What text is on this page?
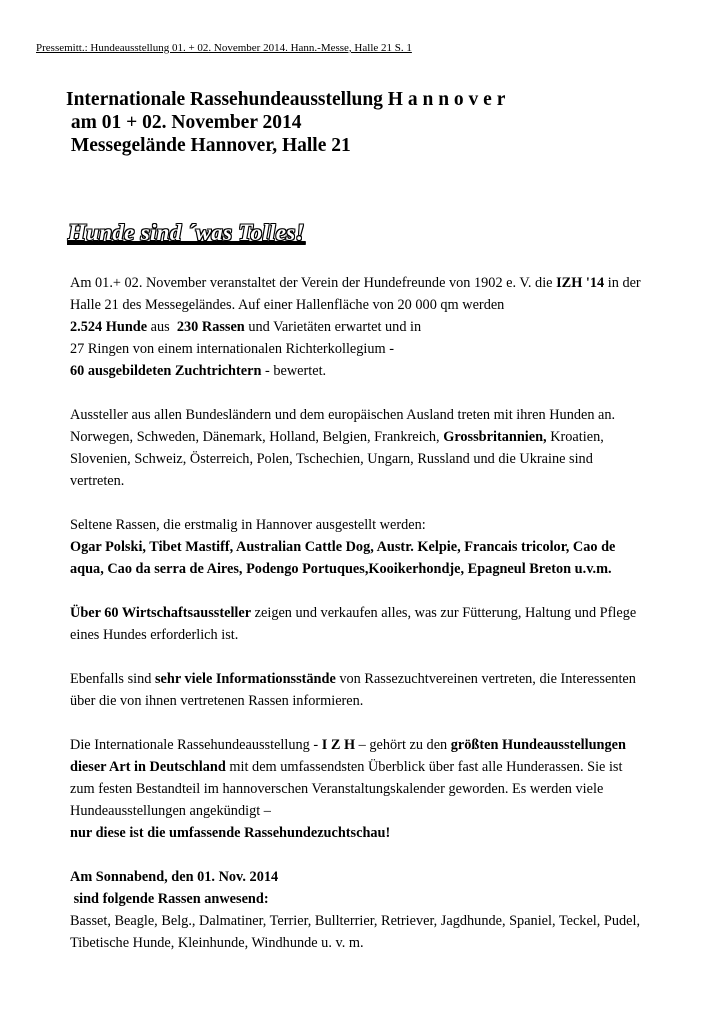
Pressemitt.: Hundeausstellung 01. + 02. November 2014. Hann.-Messe, Halle 21 S. 1
Internationale Rassehundeausstellung H a n n o v e r
am 01 + 02. November 2014
Messegelände Hannover, Halle 21
Hunde sind ´was Tolles!

Am 01.+ 02. November veranstaltet der Verein der Hundefreunde von 1902 e. V. die IZH '14 in der Halle 21 des Messegeländes. Auf einer Hallenfläche von 20 000 qm werden
2.524 Hunde aus  230 Rassen und Varietäten erwartet und in
27 Ringen von einem internationalen Richterkollegium -
60 ausgebildeten Zuchtrichtern - bewertet.

Aussteller aus allen Bundesländern und dem europäischen Ausland treten mit ihren Hunden an. Norwegen, Schweden, Dänemark, Holland, Belgien, Frankreich, Grossbritannien, Kroatien, Slovenien, Schweiz, Österreich, Polen, Tschechien, Ungarn, Russland und die Ukraine sind vertreten.

Seltene Rassen, die erstmalig in Hannover ausgestellt werden:
Ogar Polski, Tibet Mastiff, Australian Cattle Dog, Austr. Kelpie, Francais tricolor, Cao de aqua, Cao da serra de Aires, Podengo Portuques,Kooikerhondje, Epagneul Breton u.v.m.

Über 60 Wirtschaftsaussteller zeigen und verkaufen alles, was zur Fütterung, Haltung und Pflege eines Hundes erforderlich ist.

Ebenfalls sind sehr viele Informationsstände von Rassezuchtvereinen vertreten, die Interessenten über die von ihnen vertretenen Rassen informieren.

Die Internationale Rassehundeausstellung - I Z H – gehört zu den größten Hundeausstellungen dieser Art in Deutschland mit dem umfassendsten Überblick über fast alle Hunderassen. Sie ist zum festen Bestandteil im hannoverschen Veranstaltungskalender geworden. Es werden viele Hundeausstellungen angekündigt –
nur diese ist die umfassende Rassehundezuchtschau!

Am Sonnabend, den 01. Nov. 2014
sind folgende Rassen anwesend:
Basset, Beagle, Belg., Dalmatiner, Terrier, Bullterrier, Retriever, Jagdhunde, Spaniel, Teckel, Pudel, Tibetische Hunde, Kleinhunde, Windhunde u. v. m.
